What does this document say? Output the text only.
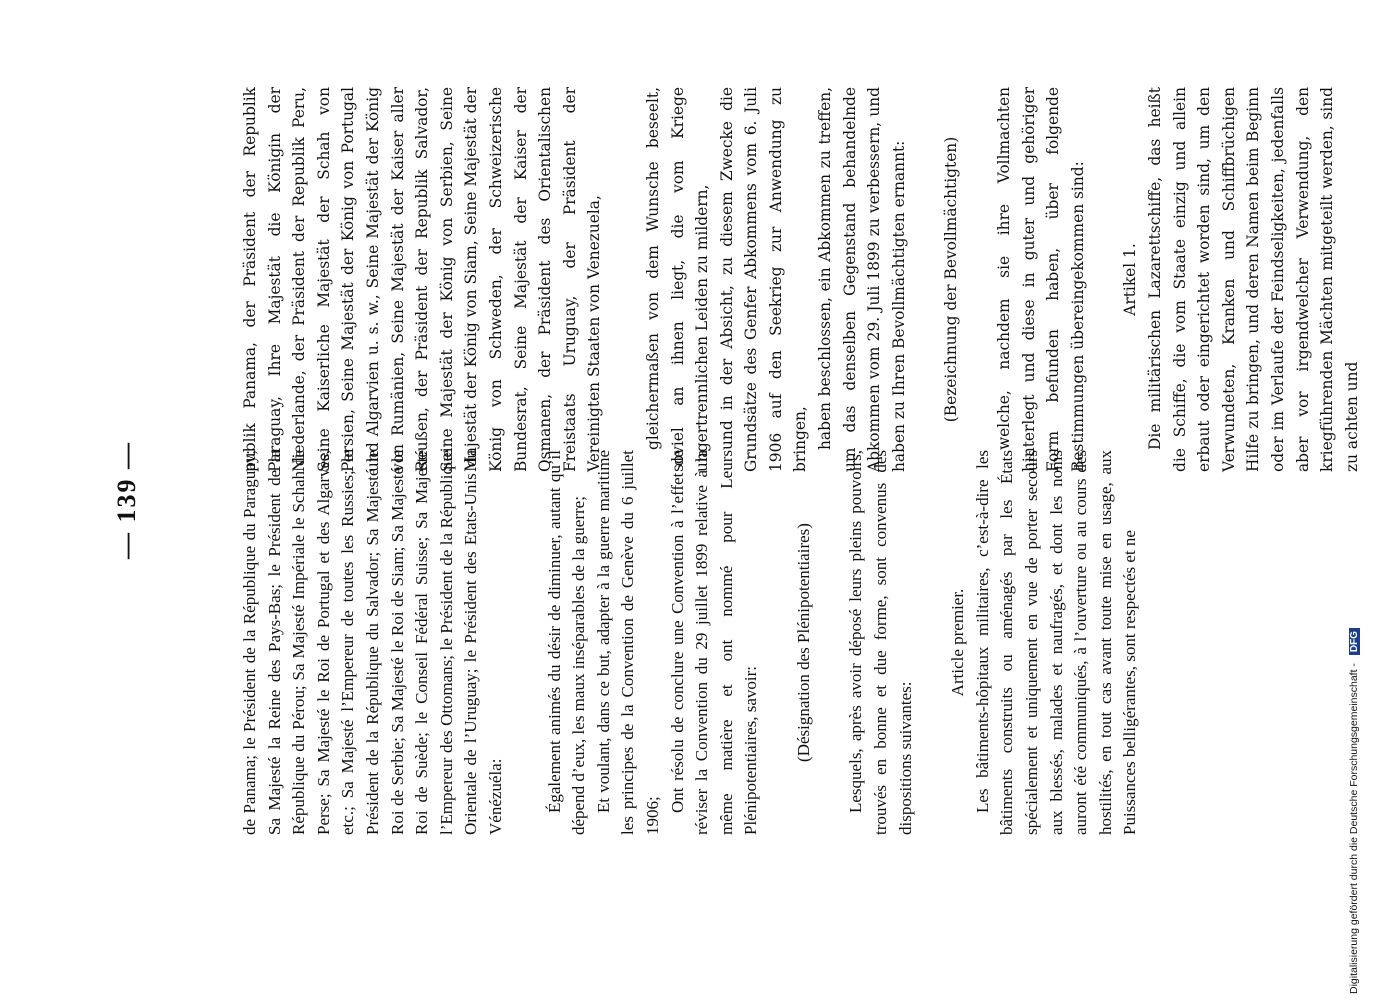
— 139 —	de Panama; le Président de la République du Paraguay; Sa Majesté la Reine des Pays-Bas; le Président de la République du Pérou; Sa Majesté Impériale le Schah de Perse; Sa Majesté le Roi de Portugal et des Algarves, etc.; Sa Majesté l’Empereur de toutes les Russies; le Président de la République du Salvador; Sa Majesté le Roi de Serbie; Sa Majesté le Roi de Siam; Sa Majesté le Roi de Suède; le Conseil Fédéral Suisse; Sa Majesté l’Empereur des Ottomans; le Président de la République Orientale de l’Uruguay; le Président des Etats-Unis du Vénézuéla: Également animés du désir de diminuer, autant qu’il dépend d’eux, les maux inséparables de la guerre; Et voulant, dans ce but, adapter à la guerre maritime les principes de la Convention de Genève du 6 juillet 1906;

Ont résolu de conclure une Convention à l’effet de réviser la Convention du 29 juillet 1899 relative à la même matière et ont nommé pour Leurs Plénipotentiaires, savoir: (Désignation des Plénipotentiaires) Lesquels, après avoir déposé leurs pleins pouvoirs, trouvés en bonne et due forme, sont convenus des dispositions suivantes:

Article premier. Les bâtiments-hôpitaux militaires, c’est-à-dire les bâtiments construits ou aménagés par les États spécialement et uniquement en vue de porter secours aux blessés, malades et naufragés, et dont les noms auront été communiqués, à l’ouverture ou au cours des hostilités, en tout cas avant toute mise en usage, aux Puissances belligérantes, sont respectés et ne

publik Panama, der Präsident der Republik Paraguay, Ihre Majestät die Königin der Niederlande, der Präsident der Republik Peru, Seine Kaiserliche Majestät der Schah von Persien, Seine Majestät der König von Portugal und Algarvien u. s. w., Seine Majestät der König von Rumänien, Seine Majestät der Kaiser aller Reußen, der Präsident der Republik Salvador, Seine Majestät der König von Serbien, Seine Majestät der König von Siam, Seine Majestät der König von Schweden, der Schweizerische Bundesrat, Seine Majestät der Kaiser der Osmanen, der Präsident des Orientalischen Freistaats Uruguay, der Präsident der Vereinigten Staaten von Venezuela,	gleichermaßen von dem Wunsche beseelt, soviel an ihnen liegt, die vom Kriege ungertrennlichen Leiden zu mildern, und in der Absicht, zu diesem Zwecke die Grundsätze des Genfer Abkommens vom 6. Juli 1906 auf den Seekrieg zur Anwendung zu bringen, haben beschlossen, ein Abkommen zu treffen, um das denselben Gegenstand behandelnde Abkommen vom 29. Juli 1899 zu verbessern, und haben zu Ihren Bevollmächtigten ernannt: (Bezeichnung der Bevollmächtigten) welche, nachdem sie ihre Vollmachten hinterlegt und diese in guter und gehöriger Form befunden haben, über folgende Bestimmungen übereingekommen sind: Artikel 1. Die militärischen Lazarettschiffe, das heißt die Schiffe, die vom Staate einzig und allein erbaut oder eingerichtet worden sind, um den Verwundeten, Kranken und Schiffbrüchigen Hilfe zu bringen, und deren Namen beim Beginn oder im Verlaufe der Feindseligkeiten, jedenfalls aber vor irgendwelcher Verwendung, den kriegführenden Mächten mitgeteilt werden, sind zu achten und

Digitalisierung gefördert durch die Deutsche Forschungsgemeinschaft - DFG
